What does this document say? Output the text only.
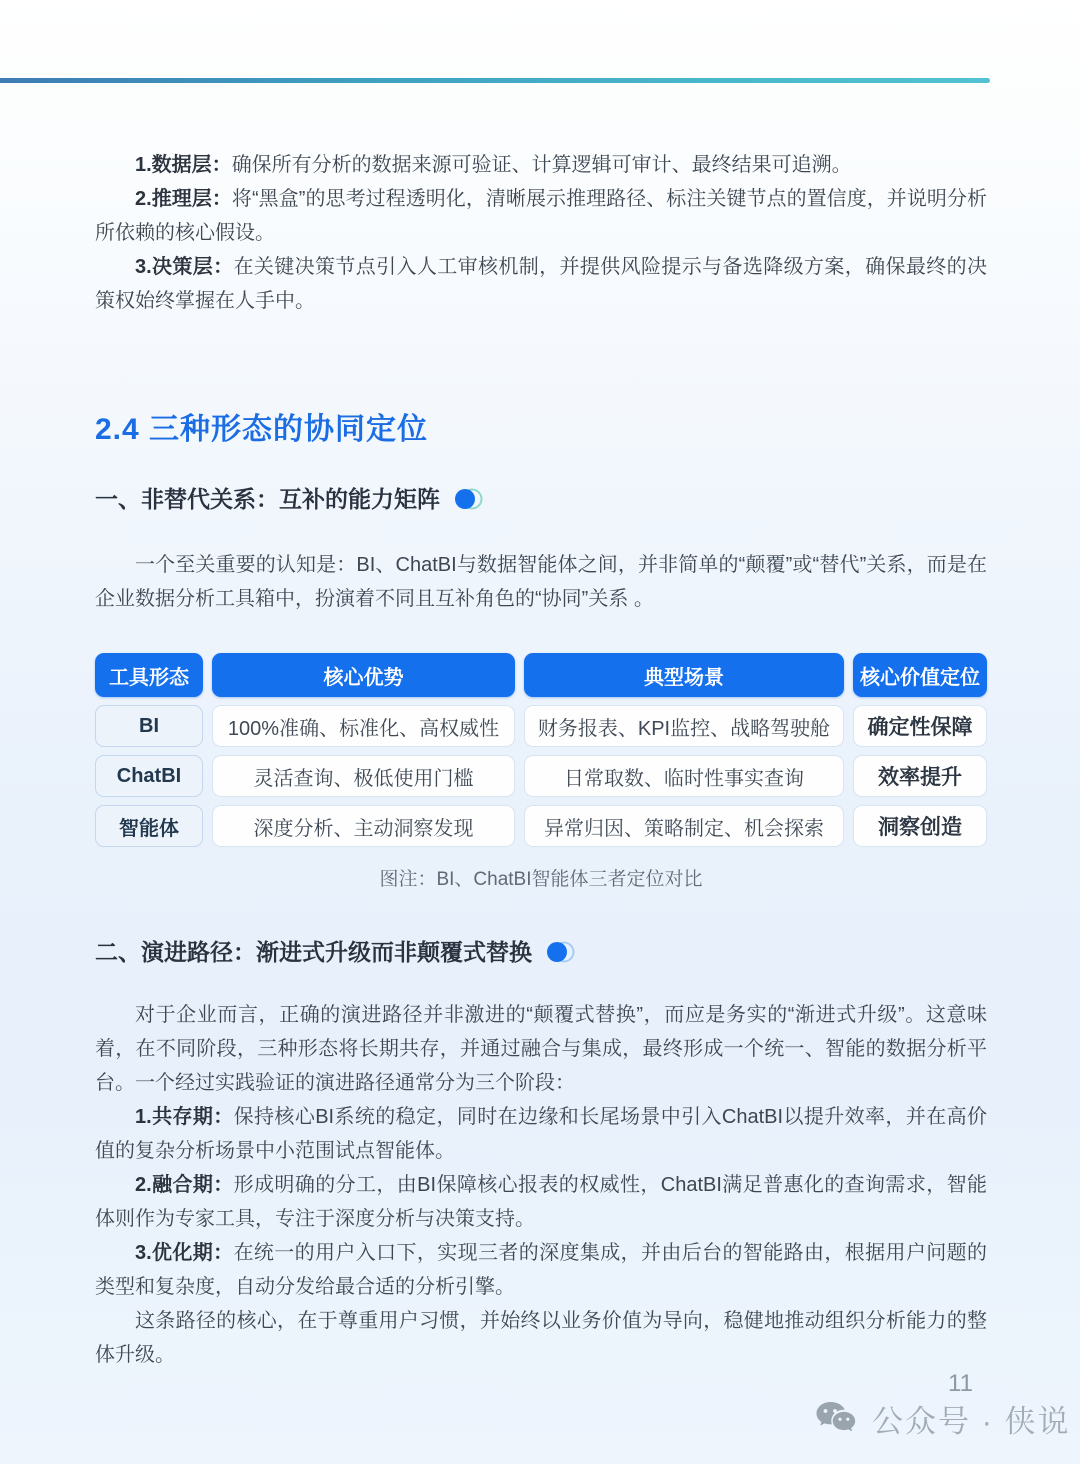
1.数据层：确保所有分析的数据来源可验证、计算逻辑可审计、最终结果可追溯。

2.推理层：将“黑盒”的思考过程透明化，清晰展示推理路径、标注关键节点的置信度，并说明分析所依赖的核心假设。

3.决策层：在关键决策节点引入人工审核机制，并提供风险提示与备选降级方案，确保最终的决策权始终掌握在人手中。

2.4 三种形态的协同定位
一、非替代关系：互补的能力矩阵

一个至关重要的认知是：BI、ChatBI与数据智能体之间，并非简单的“颠覆”或“替代”关系，而是在企业数据分析工具箱中，扮演着不同且互补角色的“协同”关系 。

工具形态	核心优势	典型场景	核心价值定位
BI	100%准确、标准化、高权威性	财务报表、KPI监控、战略驾驶舱	确定性保障
ChatBI	灵活查询、极低使用门槛	日常取数、临时性事实查询	效率提升
智能体	深度分析、主动洞察发现	异常归因、策略制定、机会探索	洞察创造
图注：BI、ChatBI智能体三者定位对比
二、演进路径：渐进式升级而非颠覆式替换

对于企业而言，正确的演进路径并非激进的“颠覆式替换”，而应是务实的“渐进式升级”。这意味着，在不同阶段，三种形态将长期共存，并通过融合与集成，最终形成一个统一、智能的数据分析平台。一个经过实践验证的演进路径通常分为三个阶段：

1.共存期：保持核心BI系统的稳定，同时在边缘和长尾场景中引入ChatBI以提升效率，并在高价值的复杂分析场景中小范围试点智能体。

2.融合期：形成明确的分工，由BI保障核心报表的权威性，ChatBI满足普惠化的查询需求，智能体则作为专家工具，专注于深度分析与决策支持。

3.优化期：在统一的用户入口下，实现三者的深度集成，并由后台的智能路由，根据用户问题的类型和复杂度，自动分发给最合适的分析引擎。

这条路径的核心，在于尊重用户习惯，并始终以业务价值为导向，稳健地推动组织分析能力的整体升级。

11
公众号 · 侠说
